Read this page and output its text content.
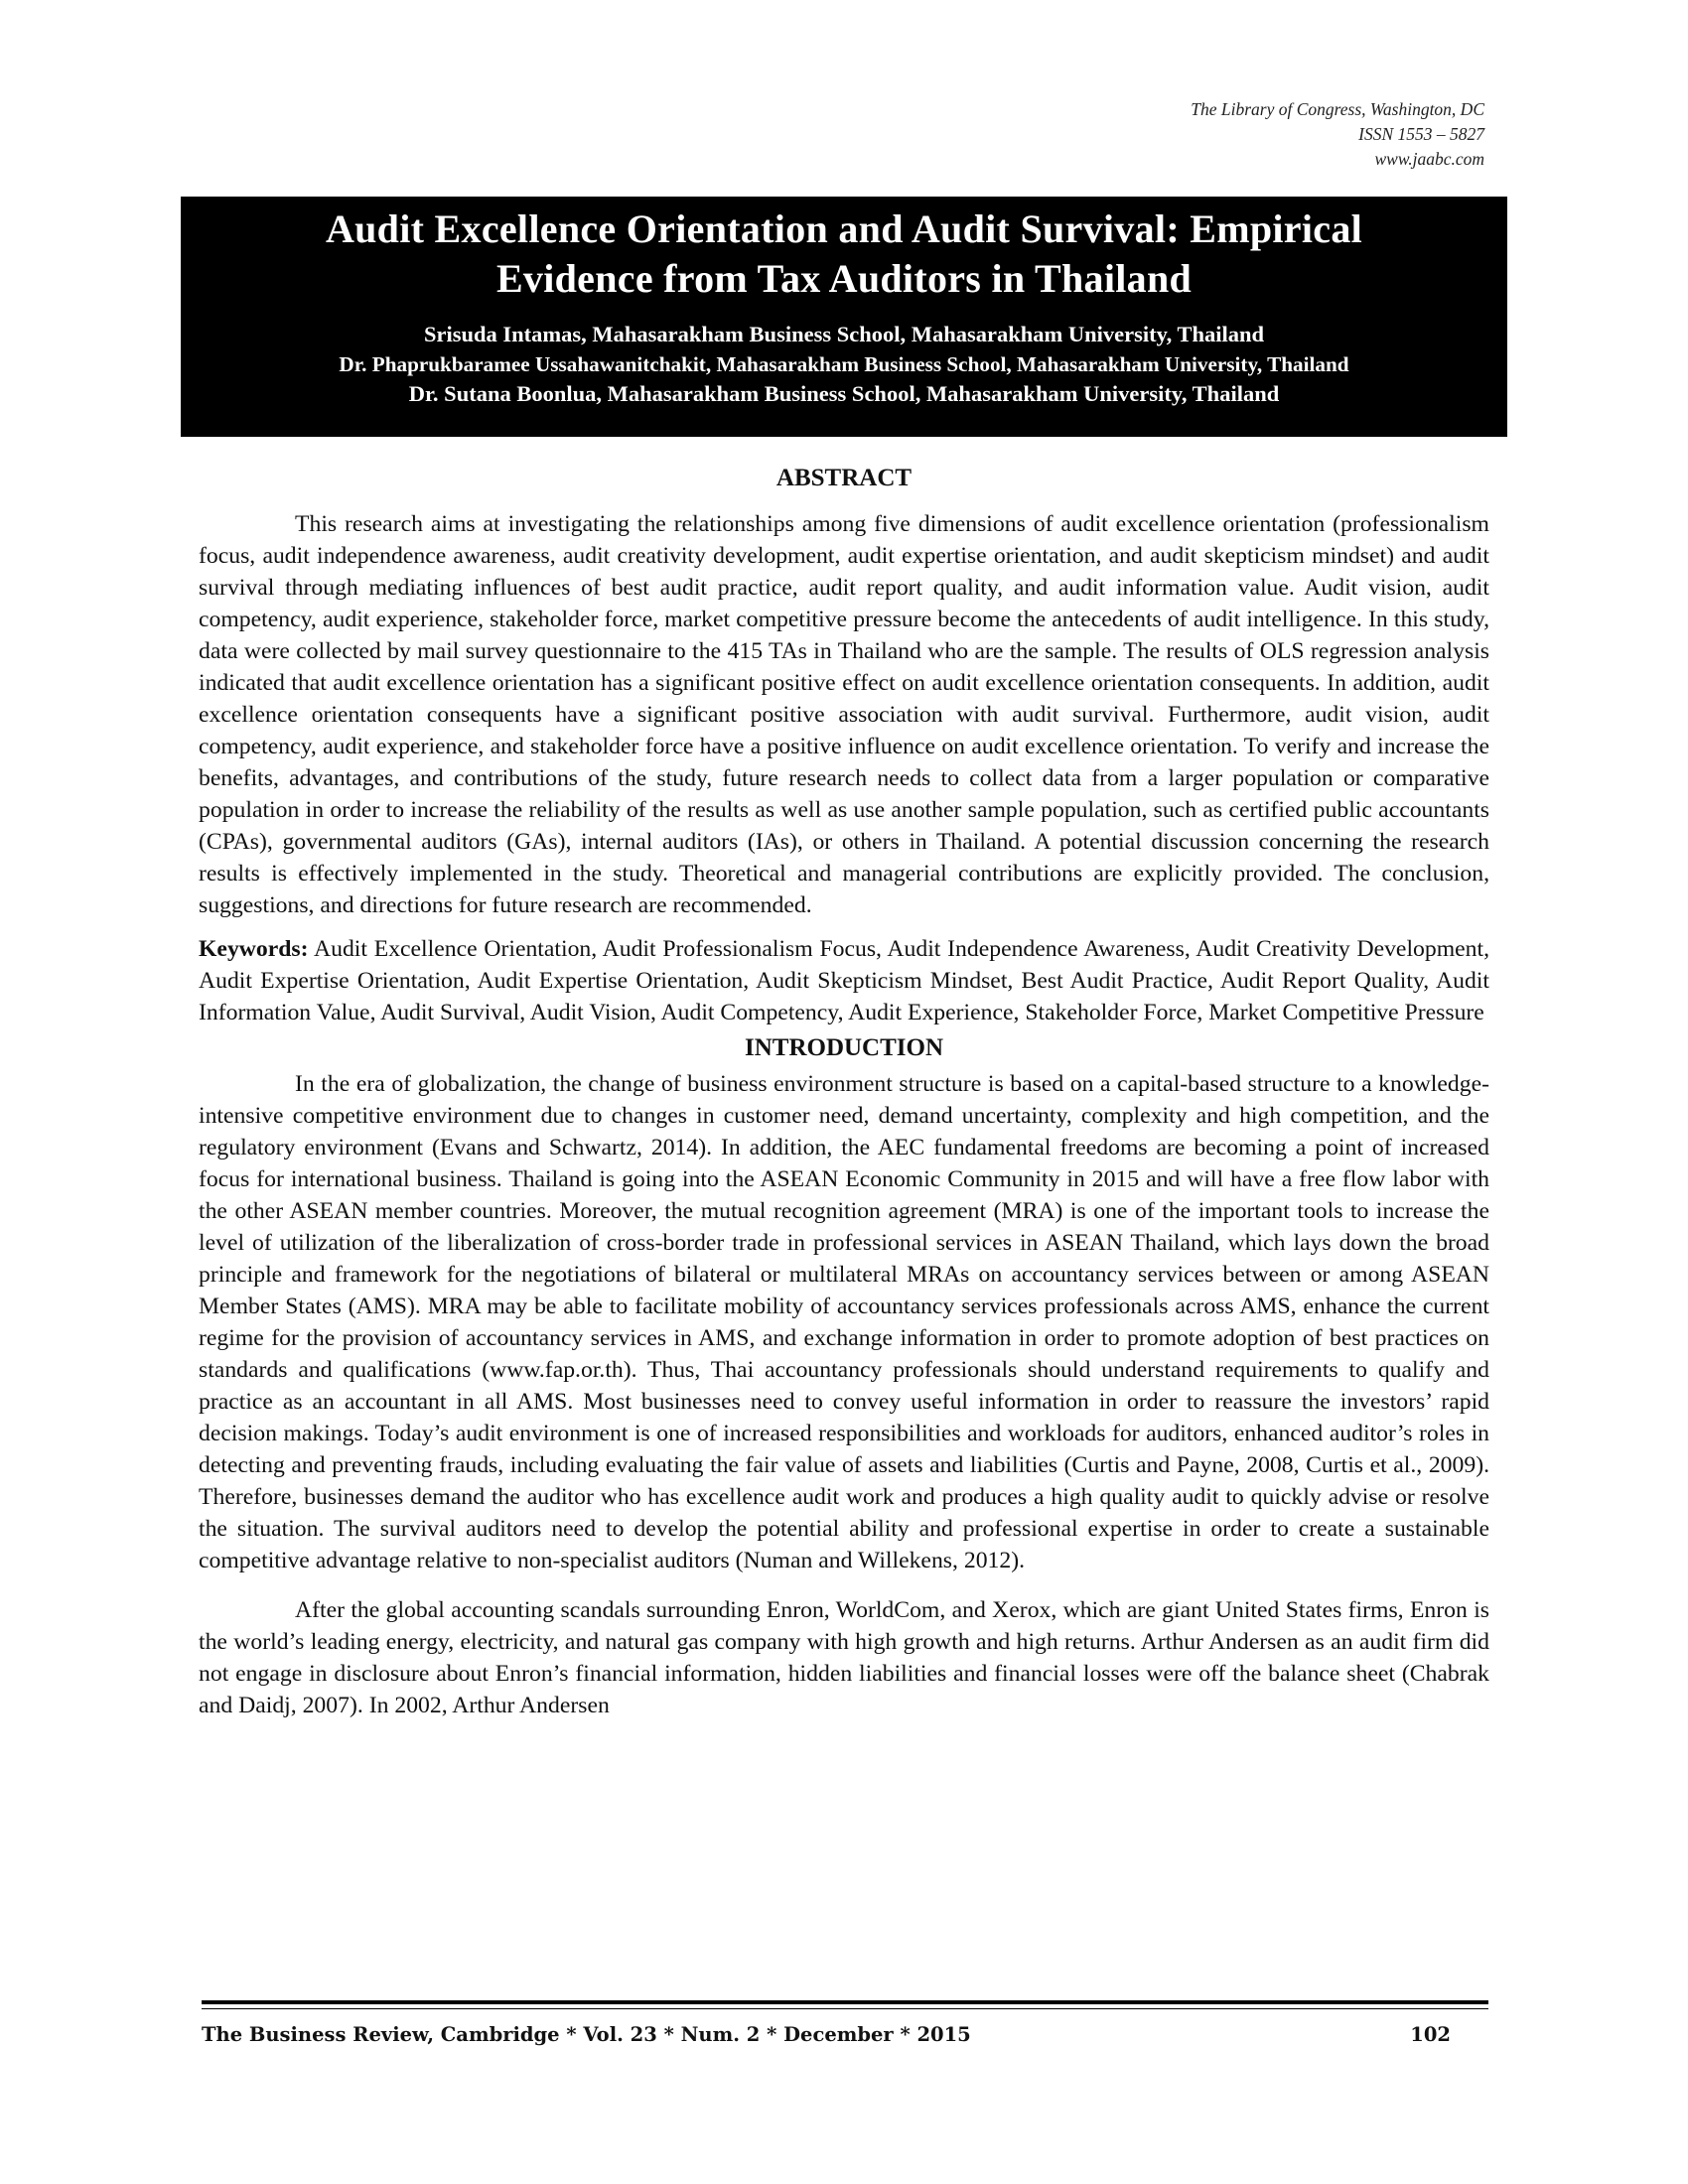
The Library of Congress, Washington, DC
ISSN 1553 – 5827
www.jaabc.com
Audit Excellence Orientation and Audit Survival: Empirical
Evidence from Tax Auditors in Thailand
Srisuda Intamas, Mahasarakham Business School, Mahasarakham University, Thailand
Dr. Phaprukbaramee Ussahawanitchakit, Mahasarakham Business School, Mahasarakham University, Thailand
Dr. Sutana Boonlua, Mahasarakham Business School, Mahasarakham University, Thailand
ABSTRACT

This research aims at investigating the relationships among five dimensions of audit excellence orientation (professionalism focus, audit independence awareness, audit creativity development, audit expertise orientation, and audit skepticism mindset) and audit survival through mediating influences of best audit practice, audit report quality, and audit information value. Audit vision, audit competency, audit experience, stakeholder force, market competitive pressure become the antecedents of audit intelligence. In this study, data were collected by mail survey questionnaire to the 415 TAs in Thailand who are the sample. The results of OLS regression analysis indicated that audit excellence orientation has a significant positive effect on audit excellence orientation consequents. In addition, audit excellence orientation consequents have a significant positive association with audit survival. Furthermore, audit vision, audit competency, audit experience, and stakeholder force have a positive influence on audit excellence orientation. To verify and increase the benefits, advantages, and contributions of the study, future research needs to collect data from a larger population or comparative population in order to increase the reliability of the results as well as use another sample population, such as certified public accountants (CPAs), governmental auditors (GAs), internal auditors (IAs), or others in Thailand. A potential discussion concerning the research results is effectively implemented in the study. Theoretical and managerial contributions are explicitly provided. The conclusion, suggestions, and directions for future research are recommended.

Keywords: Audit Excellence Orientation, Audit Professionalism Focus, Audit Independence Awareness, Audit Creativity Development, Audit Expertise Orientation, Audit Expertise Orientation, Audit Skepticism Mindset, Best Audit Practice, Audit Report Quality, Audit Information Value, Audit Survival, Audit Vision, Audit Competency, Audit Experience, Stakeholder Force, Market Competitive Pressure
INTRODUCTION

In the era of globalization, the change of business environment structure is based on a capital-based structure to a knowledge-intensive competitive environment due to changes in customer need, demand uncertainty, complexity and high competition, and the regulatory environment (Evans and Schwartz, 2014). In addition, the AEC fundamental freedoms are becoming a point of increased focus for international business. Thailand is going into the ASEAN Economic Community in 2015 and will have a free flow labor with the other ASEAN member countries. Moreover, the mutual recognition agreement (MRA) is one of the important tools to increase the level of utilization of the liberalization of cross-border trade in professional services in ASEAN Thailand, which lays down the broad principle and framework for the negotiations of bilateral or multilateral MRAs on accountancy services between or among ASEAN Member States (AMS). MRA may be able to facilitate mobility of accountancy services professionals across AMS, enhance the current regime for the provision of accountancy services in AMS, and exchange information in order to promote adoption of best practices on standards and qualifications (www.fap.or.th). Thus, Thai accountancy professionals should understand requirements to qualify and practice as an accountant in all AMS. Most businesses need to convey useful information in order to reassure the investors’ rapid decision makings. Today’s audit environment is one of increased responsibilities and workloads for auditors, enhanced auditor’s roles in detecting and preventing frauds, including evaluating the fair value of assets and liabilities (Curtis and Payne, 2008, Curtis et al., 2009). Therefore, businesses demand the auditor who has excellence audit work and produces a high quality audit to quickly advise or resolve the situation. The survival auditors need to develop the potential ability and professional expertise in order to create a sustainable competitive advantage relative to non-specialist auditors (Numan and Willekens, 2012).

After the global accounting scandals surrounding Enron, WorldCom, and Xerox, which are giant United States firms, Enron is the world’s leading energy, electricity, and natural gas company with high growth and high returns. Arthur Andersen as an audit firm did not engage in disclosure about Enron’s financial information, hidden liabilities and financial losses were off the balance sheet (Chabrak and Daidj, 2007). In 2002, Arthur Andersen

The Business Review, Cambridge * Vol. 23 * Num. 2 * December * 2015	102
